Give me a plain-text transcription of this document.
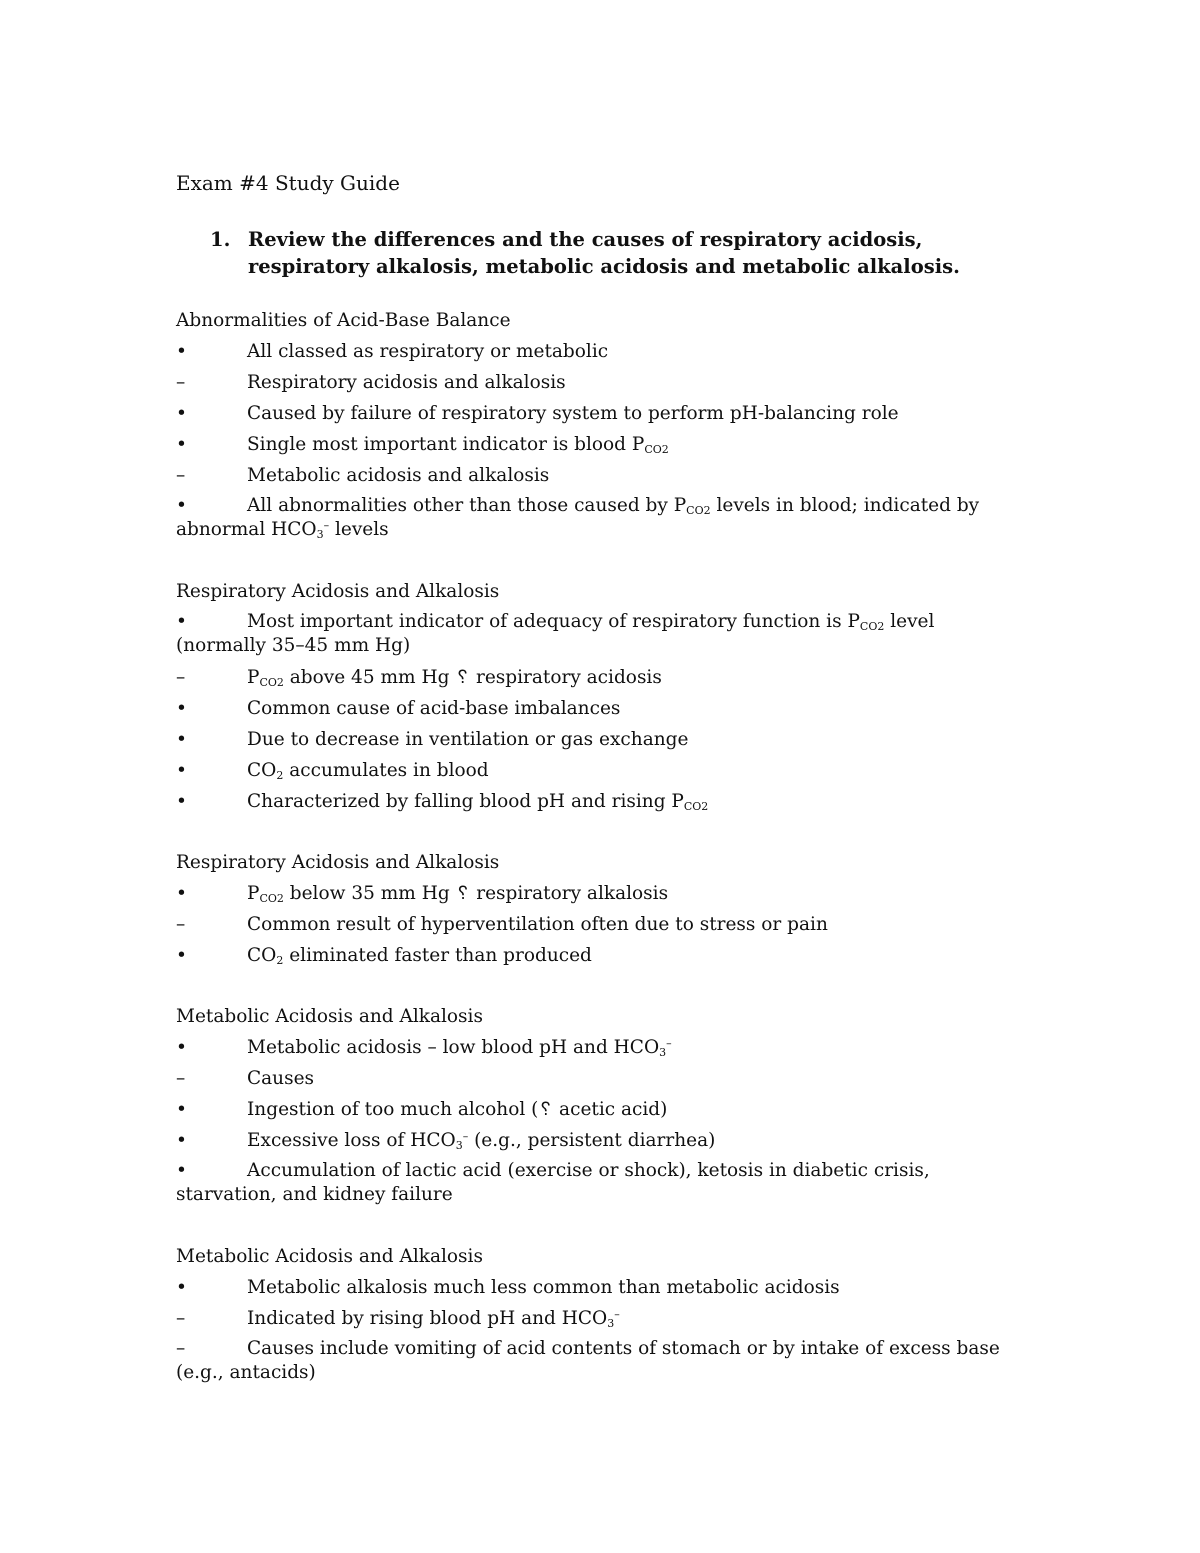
Exam #4 Study Guide
1. Review the differences and the causes of respiratory acidosis, respiratory alkalosis, metabolic acidosis and metabolic alkalosis.
Abnormalities of Acid-Base Balance
•	All classed as respiratory or metabolic
–	Respiratory acidosis and alkalosis
•	Caused by failure of respiratory system to perform pH-balancing role
•	Single most important indicator is blood $P_{CO2}$
–	Metabolic acidosis and alkalosis
•	All abnormalities other than those caused by $P_{CO2}$ levels in blood; indicated by abnormal $HCO_3^-$ levels
Respiratory Acidosis and Alkalosis
•	Most important indicator of adequacy of respiratory function is $P_{CO2}$ level (normally 35–45 mm Hg)
–	$P_{CO2}$ above 45 mm Hg ␦ respiratory acidosis
•	Common cause of acid-base imbalances
•	Due to decrease in ventilation or gas exchange
•	$CO_2$ accumulates in blood
•	Characterized by falling blood pH and rising $P_{CO2}$
Respiratory Acidosis and Alkalosis
•	$P_{CO2}$ below 35 mm Hg ␦ respiratory alkalosis
–	Common result of hyperventilation often due to stress or pain
•	$CO_2$ eliminated faster than produced
Metabolic Acidosis and Alkalosis
•	Metabolic acidosis – low blood pH and $HCO_3^-$
–	Causes
•	Ingestion of too much alcohol (␦ acetic acid)
•	Excessive loss of $HCO_3^-$ (e.g., persistent diarrhea)
•	Accumulation of lactic acid (exercise or shock), ketosis in diabetic crisis, starvation, and kidney failure
Metabolic Acidosis and Alkalosis
•	Metabolic alkalosis much less common than metabolic acidosis
–	Indicated by rising blood pH and $HCO_3^-$
–	Causes include vomiting of acid contents of stomach or by intake of excess base (e.g., antacids)
